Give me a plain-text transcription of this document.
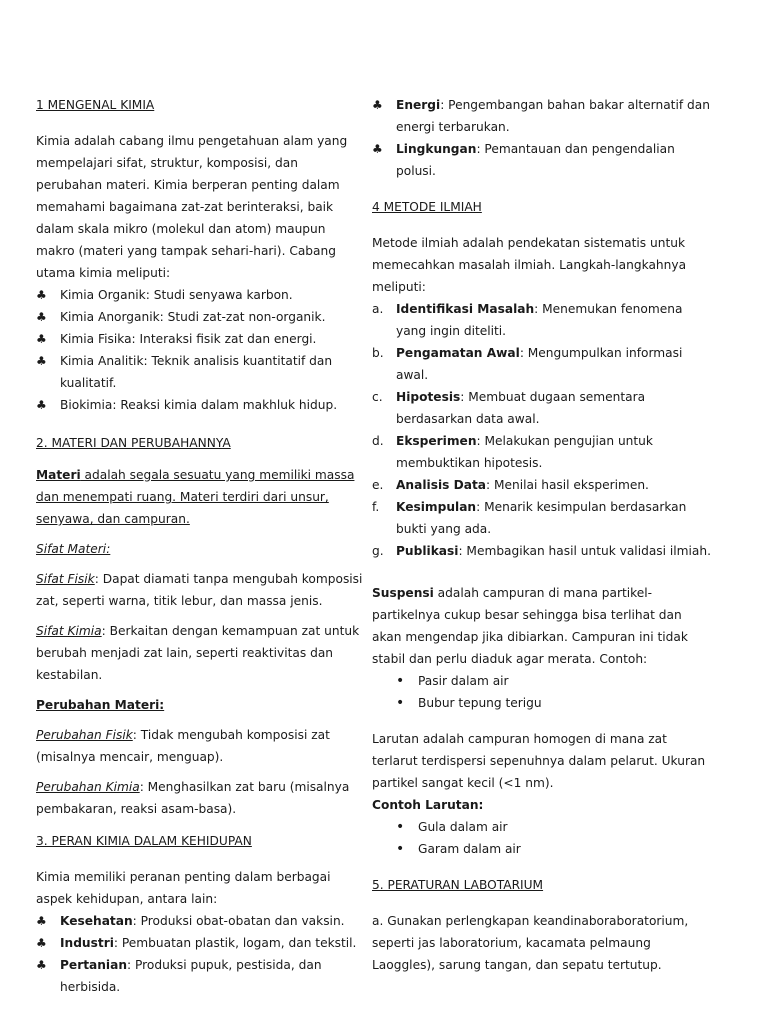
1 MENGENAL KIMIA

Kimia adalah cabang ilmu pengetahuan alam yang mempelajari sifat, struktur, komposisi, dan perubahan materi. Kimia berperan penting dalam memahami bagaimana zat-zat berinteraksi, baik dalam skala mikro (molekul dan atom) maupun makro (materi yang tampak sehari-hari). Cabang utama kimia meliputi:

♣ Kimia Organik: Studi senyawa karbon.
♣ Kimia Anorganik: Studi zat-zat non-organik.
♣ Kimia Fisika: Interaksi fisik zat dan energi.
♣ Kimia Analitik: Teknik analisis kuantitatif dan kualitatif.
♣ Biokimia: Reaksi kimia dalam makhluk hidup.

2. MATERI DAN PERUBAHANNYA

Materi adalah segala sesuatu yang memiliki massa dan menempati ruang. Materi terdiri dari unsur, senyawa, dan campuran.

Sifat Materi:

Sifat Fisik: Dapat diamati tanpa mengubah komposisi zat, seperti warna, titik lebur, dan massa jenis.

Sifat Kimia: Berkaitan dengan kemampuan zat untuk berubah menjadi zat lain, seperti reaktivitas dan kestabilan.

Perubahan Materi:

Perubahan Fisik: Tidak mengubah komposisi zat (misalnya mencair, menguap).

Perubahan Kimia: Menghasilkan zat baru (misalnya pembakaran, reaksi asam-basa).

3. PERAN KIMIA DALAM KEHIDUPAN

Kimia memiliki peranan penting dalam berbagai aspek kehidupan, antara lain:

♣ Kesehatan: Produksi obat-obatan dan vaksin.
♣ Industri: Pembuatan plastik, logam, dan tekstil.
♣ Pertanian: Produksi pupuk, pestisida, dan herbisida.
♣ Energi: Pengembangan bahan bakar alternatif dan energi terbarukan.
♣ Lingkungan: Pemantauan dan pengendalian polusi.

4 METODE ILMIAH

Metode ilmiah adalah pendekatan sistematis untuk memecahkan masalah ilmiah. Langkah-langkahnya meliputi:

a. Identifikasi Masalah: Menemukan fenomena yang ingin diteliti.
b. Pengamatan Awal: Mengumpulkan informasi awal.
c. Hipotesis: Membuat dugaan sementara berdasarkan data awal.
d. Eksperimen: Melakukan pengujian untuk membuktikan hipotesis.
e. Analisis Data: Menilai hasil eksperimen.
f. Kesimpulan: Menarik kesimpulan berdasarkan bukti yang ada.
g. Publikasi: Membagikan hasil untuk validasi ilmiah.

Suspensi adalah campuran di mana partikel-partikelnya cukup besar sehingga bisa terlihat dan akan mengendap jika dibiarkan. Campuran ini tidak stabil dan perlu diaduk agar merata. Contoh:

• Pasir dalam air
• Bubur tepung terigu

Larutan adalah campuran homogen di mana zat terlarut terdispersi sepenuhnya dalam pelarut. Ukuran partikel sangat kecil (<1 nm).

Contoh Larutan:

• Gula dalam air
• Garam dalam air

5. PERATURAN LABOTARIUM

a. Gunakan perlengkapan keandinaboraboratorium, seperti jas laboratorium, kacamata pelmaung Laoggles), sarung tangan, dan sepatu tertutup.
